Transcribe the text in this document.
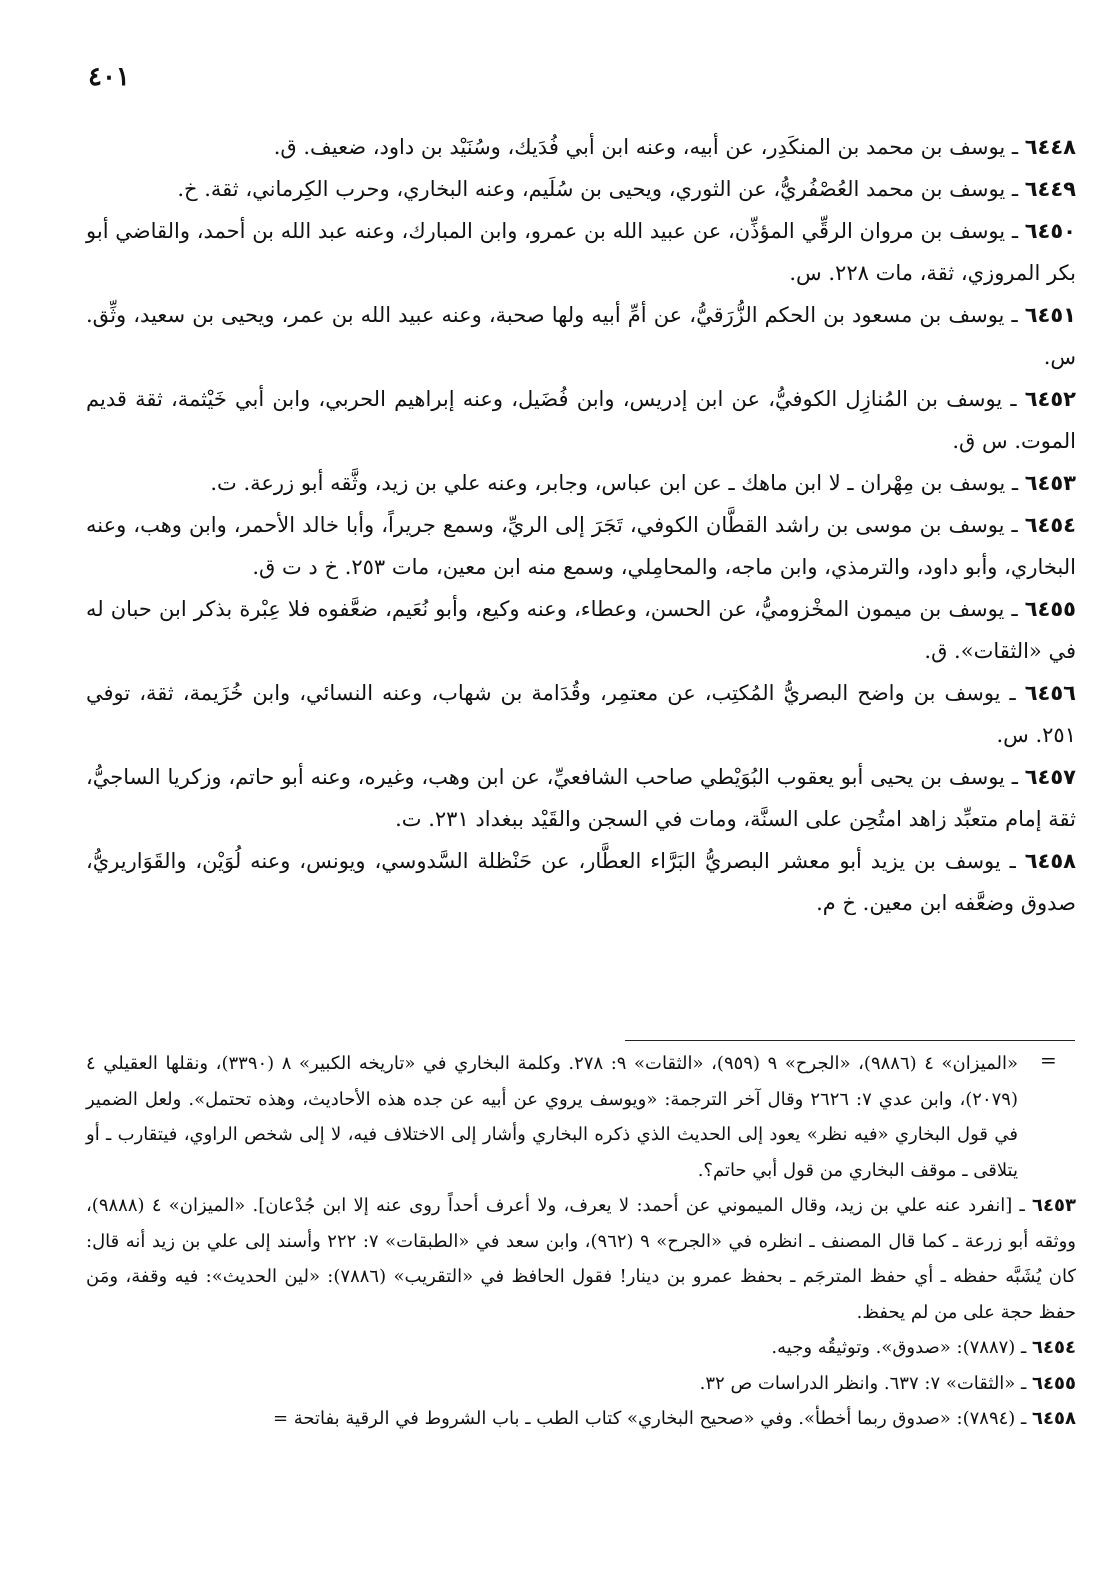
٤٠١

٦٤٤٨ ـ يوسف بن محمد بن المنكَدِر، عن أبيه، وعنه ابن أبي فُدَيك، وسُنَيْد بن داود، ضعيف. ق.

٦٤٤٩ ـ يوسف بن محمد العُصْفُريُّ، عن الثوري، ويحيى بن سُلَيم، وعنه البخاري، وحرب الكِرماني، ثقة. خ.

٦٤٥٠ ـ يوسف بن مروان الرقِّي المؤذِّن، عن عبيد الله بن عمرو، وابن المبارك، وعنه عبد الله بن أحمد، والقاضي أبو بكر المروزي، ثقة، مات ٢٢٨. س.

٦٤٥١ ـ يوسف بن مسعود بن الحكم الزُّرَقيُّ، عن أمِّ أبيه ولها صحبة، وعنه عبيد الله بن عمر، ويحيى بن سعيد، وثِّق. س.

٦٤٥٢ ـ يوسف بن المُنازِل الكوفيُّ، عن ابن إدريس، وابن فُضَيل، وعنه إبراهيم الحربي، وابن أبي خَيْثمة، ثقة قديم الموت. س ق.

٦٤٥٣ ـ يوسف بن مِهْران ـ لا ابن ماهك ـ عن ابن عباس، وجابر، وعنه علي بن زيد، وثَّقه أبو زرعة. ت.

٦٤٥٤ ـ يوسف بن موسى بن راشد القطَّان الكوفي، تَجَرَ إلى الريِّ، وسمع جريراً، وأبا خالد الأحمر، وابن وهب، وعنه البخاري، وأبو داود، والترمذي، وابن ماجه، والمحامِلي، وسمع منه ابن معين، مات ٢٥٣. خ د ت ق.

٦٤٥٥ ـ يوسف بن ميمون المخْزوميُّ، عن الحسن، وعطاء، وعنه وكيع، وأبو نُعَيم، ضعَّفوه فلا عِبْرة بذكر ابن حبان له في «الثقات». ق.

٦٤٥٦ ـ يوسف بن واضح البصريُّ المُكتِب، عن معتمِر، وقُدَامة بن شهاب، وعنه النسائي، وابن خُزَيمة، ثقة، توفي ٢٥١. س.

٦٤٥٧ ـ يوسف بن يحيى أبو يعقوب البُوَيْطي صاحب الشافعيِّ، عن ابن وهب، وغيره، وعنه أبو حاتم، وزكريا الساجيُّ، ثقة إمام متعبِّد زاهد امتُحِن على السنَّة، ومات في السجن والقَيْد ببغداد ٢٣١. ت.

٦٤٥٨ ـ يوسف بن يزيد أبو معشر البصريُّ البَرَّاء العطَّار، عن حَنْظلة السَّدوسي، ويونس، وعنه لُوَيْن، والقَوَاريريُّ، صدوق وضعَّفه ابن معين. خ م.

=

«الميزان» ٤ (٩٨٨٦)، «الجرح» ٩ (٩٥٩)، «الثقات» ٩: ٢٧٨. وكلمة البخاري في «تاريخه الكبير» ٨ (٣٣٩٠)، ونقلها العقيلي ٤ (٢٠٧٩)، وابن عدي ٧: ٢٦٢٦ وقال آخر الترجمة: «ويوسف يروي عن أبيه عن جده هذه الأحاديث، وهذه تحتمل». ولعل الضمير في قول البخاري «فيه نظر» يعود إلى الحديث الذي ذكره البخاري وأشار إلى الاختلاف فيه، لا إلى شخص الراوي، فيتقارب ـ أو يتلاقى ـ موقف البخاري من قول أبي حاتم؟.

٦٤٥٣ ـ [انفرد عنه علي بن زيد، وقال الميموني عن أحمد: لا يعرف، ولا أعرف أحداً روى عنه إلا ابن جُدْعان]. «الميزان» ٤ (٩٨٨٨)، ووثقه أبو زرعة ـ كما قال المصنف ـ انظره في «الجرح» ٩ (٩٦٢)، وابن سعد في «الطبقات» ٧: ٢٢٢ وأسند إلى علي بن زيد أنه قال: كان يُشَبَّه حفظه ـ أي حفظ المترجَم ـ بحفظ عمرو بن دينار! فقول الحافظ في «التقريب» (٧٨٨٦): «لين الحديث»: فيه وقفة، ومَن حفظ حجة على من لم يحفظ.

٦٤٥٤ ـ (٧٨٨٧): «صدوق». وتوثيقُه وجيه.

٦٤٥٥ ـ «الثقات» ٧: ٦٣٧. وانظر الدراسات ص ٣٢.

٦٤٥٨ ـ (٧٨٩٤): «صدوق ربما أخطأ». وفي «صحيح البخاري» كتاب الطب ـ باب الشروط في الرقية بفاتحة =
